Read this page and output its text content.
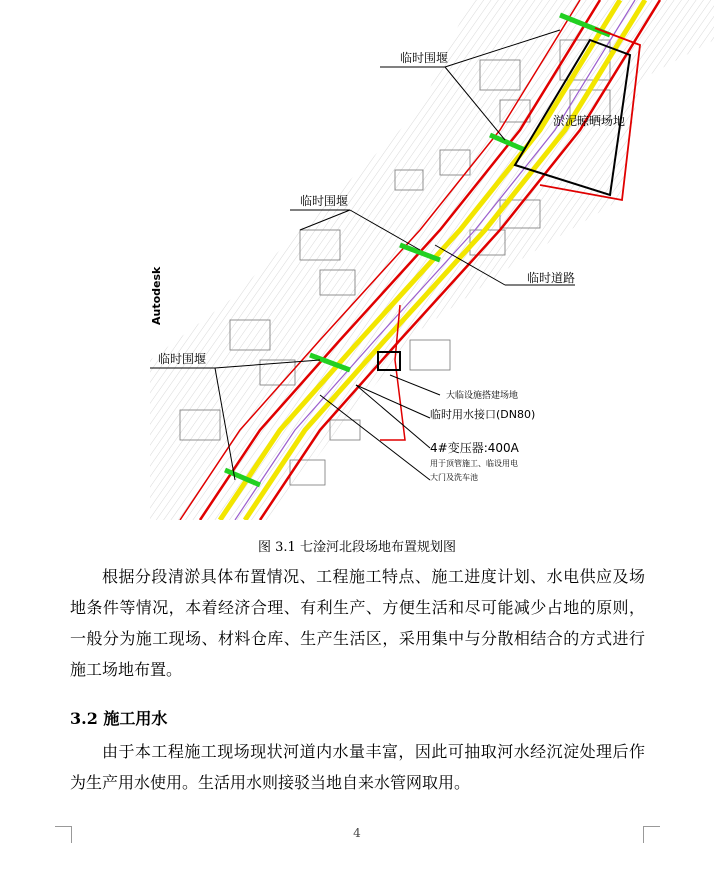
临时围堰
淤泥晾晒场地
临时围堰
临时道路
临时围堰
大临设施搭建场地
临时用水接口(DN80)
4#变压器:400A
用于顶管施工、临设用电
大门及洗车池
Autodesk
图 3.1 七淦河北段场地布置规划图
根据分段清淤具体布置情况、工程施工特点、施工进度计划、水电供应及场地条件等情况，本着经济合理、有利生产、方便生活和尽可能减少占地的原则，一般分为施工现场、材料仓库、生产生活区，采用集中与分散相结合的方式进行施工场地布置。
3.2 施工用水
由于本工程施工现场现状河道内水量丰富，因此可抽取河水经沉淀处理后作为生产用水使用。生活用水则接驳当地自来水管网取用。
4
